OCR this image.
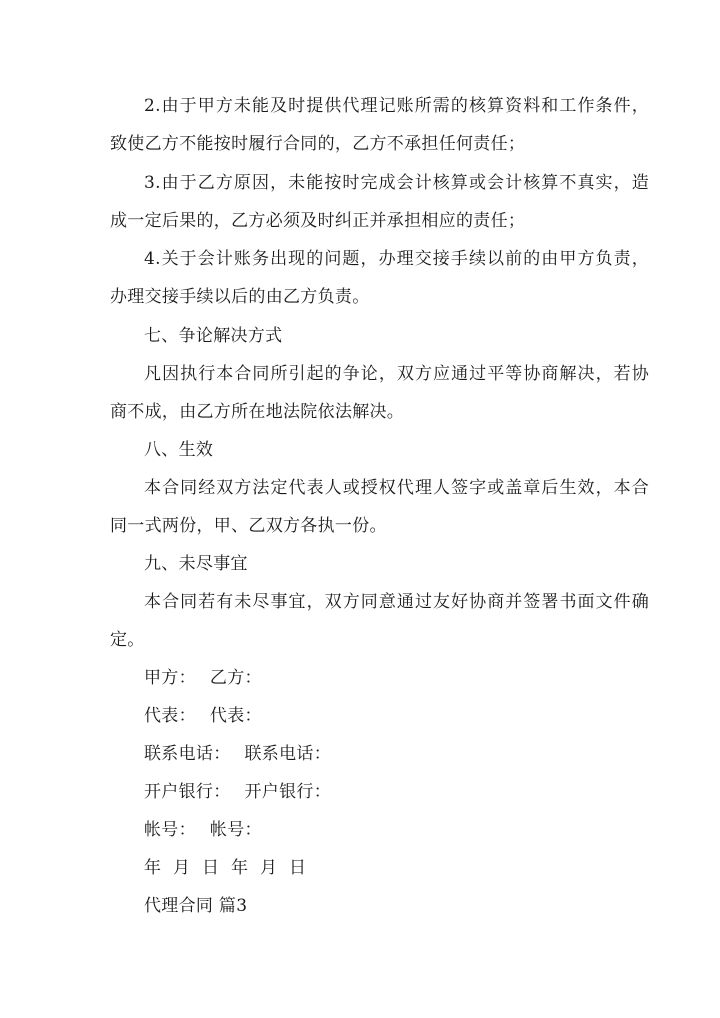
2.由于甲方未能及时提供代理记账所需的核算资料和工作条件，
致使乙方不能按时履行合同的，乙方不承担任何责任；
3.由于乙方原因，未能按时完成会计核算或会计核算不真实，造
成一定后果的，乙方必须及时纠正并承担相应的责任；
4.关于会计账务出现的问题，办理交接手续以前的由甲方负责，
办理交接手续以后的由乙方负责。
七、争论解决方式
凡因执行本合同所引起的争论，双方应通过平等协商解决，若协
商不成，由乙方所在地法院依法解决。
八、生效
本合同经双方法定代表人或授权代理人签字或盖章后生效，本合
同一式两份，甲、乙双方各执一份。
九、未尽事宜
本合同若有未尽事宜，双方同意通过友好协商并签署书面文件确
定。
甲方： 乙方：
代表： 代表：
联系电话： 联系电话：
开户银行： 开户银行：
帐号： 帐号：
年 月 日 年 月 日
代理合同 篇3
